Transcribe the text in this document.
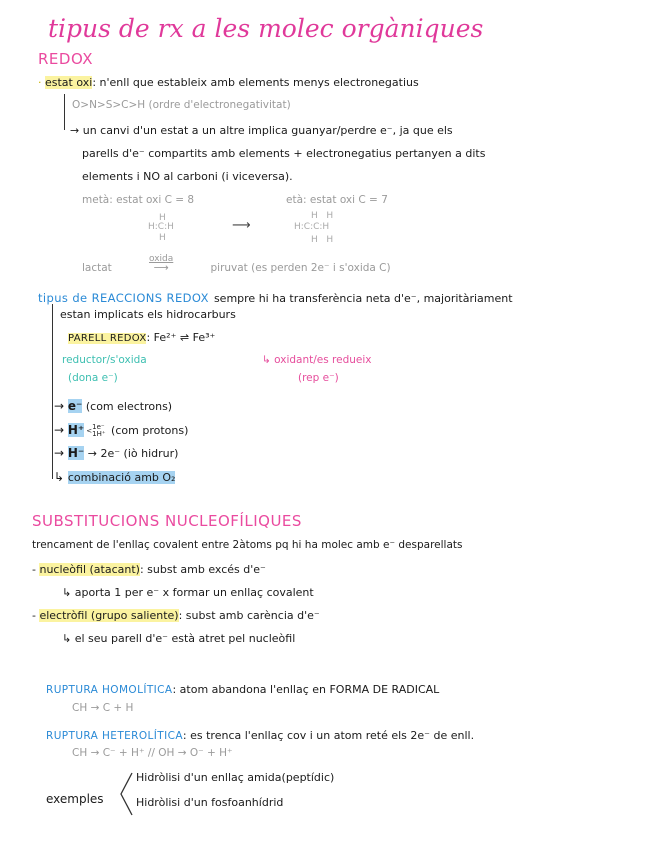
tipus de rx a les molec orgàniques
REDOX
· estat oxi: n'enll que estableix amb elements menys electronegatius
O>N>S>C>H (ordre d'electronegativitat)
→ un canvi d'un estat a un altre implica guanyar/perdre e⁻, ja que els
parells d'e⁻ compartits amb elements + electronegatius pertanyen a dits
elements i NO al carboni (i viceversa).
metà: estat oxi C = 8	età: estat oxi C = 7
H
H:C:H
H
⟶
H H
H:C:C:H
H H
lactat
oxida
⟶	piruvat (es perden 2e⁻ i s'oxida C)
tipus de REACCIONS REDOX sempre hi ha transferència neta d'e⁻, majoritàriament
estan implicats els hidrocarburs
PARELL REDOX: Fe²⁺ ⇌ Fe³⁺
reductor/s'oxida
(dona e⁻)
↳ oxidant/es redueix
(rep e⁻)
→ e⁻ (com electrons)
→ H⁺ <1e⁻
1H⁺ (com protons)
→ H⁻ → 2e⁻ (iò hidrur)
↳ combinació amb O₂
SUBSTITUCIONS NUCLEOFÍLIQUES
trencament de l'enllaç covalent entre 2àtoms pq hi ha molec amb e⁻ desparellats
- nucleòfil (atacant): subst amb excés d'e⁻
↳ aporta 1 per e⁻ x formar un enllaç covalent
- electròfil (grupo saliente): subst amb carència d'e⁻
↳ el seu parell d'e⁻ està atret pel nucleòfil
RUPTURA HOMOLÍTICA: atom abandona l'enllaç en FORMA DE RADICAL
CH → C + H
RUPTURA HETEROLÍTICA: es trenca l'enllaç cov i un atom reté els 2e⁻ de enll.
CH → C⁻ + H⁺ // OH → O⁻ + H⁺
exemples
Hidròlisi d'un enllaç amida(peptídic)
Hidròlisi d'un fosfoanhídrid
